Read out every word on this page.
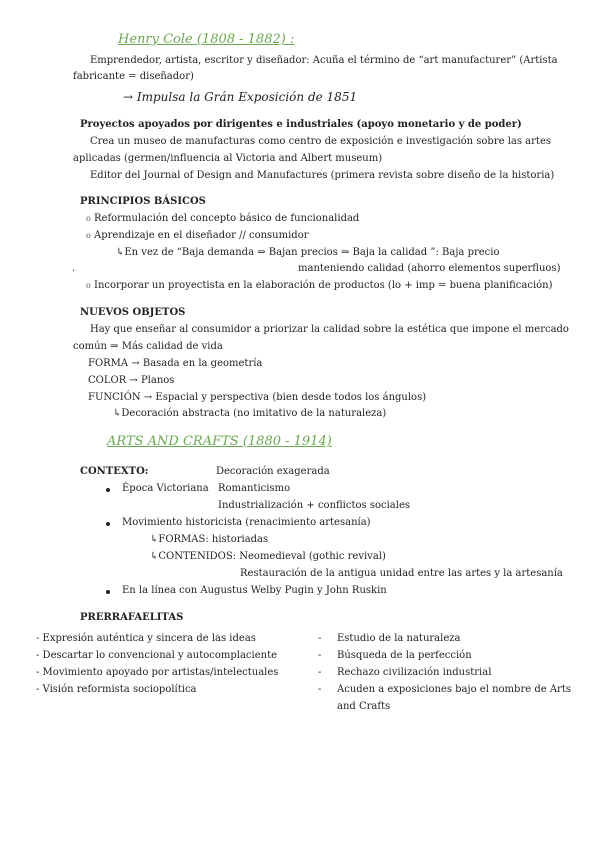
Henry Cole (1808 - 1882) :
Emprendedor, artista, escritor y diseñador: Acuña el término de “art manufacturer” (Artista
fabricante = diseñador)
→ Impulsa la Grán Exposición de 1851
Proyectos apoyados por dirigentes e industriales (apoyo monetario y de poder)
Crea un museo de manufacturas como centro de exposición e investigación sobre las artes
aplicadas (germen/influencia al Victoria and Albert museum)
Editor del Journal of Design and Manufactures (primera revista sobre diseño de la historia)
PRINCIPIOS BÁSICOS
o Reformulación del concepto básico de funcionalidad
o Aprendizaje en el diseñador // consumidor
↳En vez de “Baja demanda ⇒ Bajan precios ⇒ Baja la calidad ”: Baja precio
.	manteniendo calidad (ahorro elementos superfluos)
o Incorporar un proyectista en la elaboración de productos (lo + imp = buena planificación)
NUEVOS OBJETOS
Hay que enseñar al consumidor a priorizar la calidad sobre la estética que impone el mercado
común ⇒ Más calidad de vida
FORMA → Basada en la geometría
COLOR → Planos
FUNCIÓN → Espacial y perspectiva (bien desde todos los ángulos)
↳Decoración abstracta (no imitativo de la naturaleza)
ARTS AND CRAFTS (1880 - 1914)
CONTEXTO:	Decoración exagerada
Época Victoriana Romanticismo
Industrialización + conflictos sociales
Movimiento historicista (renacimiento artesanía)
↳FORMAS: historiadas
↳CONTENIDOS: Neomedieval (gothic revival)
Restauración de la antigua unidad entre las artes y la artesanía
En la línea con Augustus Welby Pugin y John Ruskin
PRERRAFAELITAS
- Expresión auténtica y sincera de las ideas
- Descartar lo convencional y autocomplaciente
- Movimiento apoyado por artistas/intelectuales
- Visión reformista sociopolítica
- Estudio de la naturaleza
- Búsqueda de la perfección
- Rechazo civilización industrial
- Acuden a exposiciones bajo el nombre de Arts
and Crafts
